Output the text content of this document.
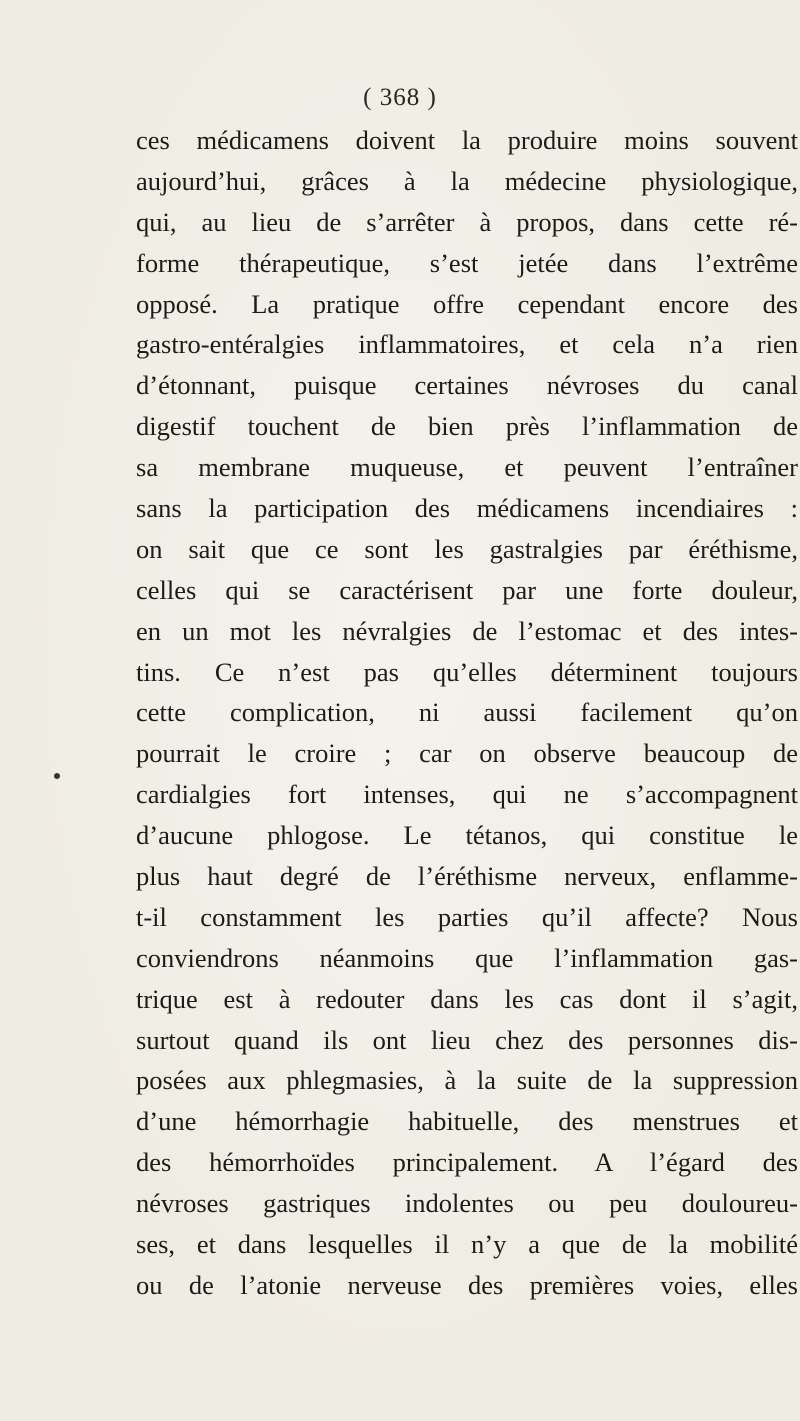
( 368 )
ces médicamens doivent la produire moins souvent
aujourd’hui, grâces à la médecine physiologique,
qui, au lieu de s’arrêter à propos, dans cette ré-
forme thérapeutique, s’est jetée dans l’extrême
opposé. La pratique offre cependant encore des
gastro-entéralgies inflammatoires, et cela n’a rien
d’étonnant, puisque certaines névroses du canal
digestif touchent de bien près l’inflammation de
sa membrane muqueuse, et peuvent l’entraîner
sans la participation des médicamens incendiaires :
on sait que ce sont les gastralgies par éréthisme,
celles qui se caractérisent par une forte douleur,
en un mot les névralgies de l’estomac et des intes-
tins. Ce n’est pas qu’elles déterminent toujours
cette complication, ni aussi facilement qu’on
pourrait le croire ; car on observe beaucoup de
cardialgies fort intenses, qui ne s’accompagnent
d’aucune phlogose. Le tétanos, qui constitue le
plus haut degré de l’éréthisme nerveux, enflamme-
t-il constamment les parties qu’il affecte? Nous
conviendrons néanmoins que l’inflammation gas-
trique est à redouter dans les cas dont il s’agit,
surtout quand ils ont lieu chez des personnes dis-
posées aux phlegmasies, à la suite de la suppression
d’une hémorrhagie habituelle, des menstrues et
des hémorrhoïdes principalement. A l’égard des
névroses gastriques indolentes ou peu douloureu-
ses, et dans lesquelles il n’y a que de la mobilité
ou de l’atonie nerveuse des premières voies, elles
